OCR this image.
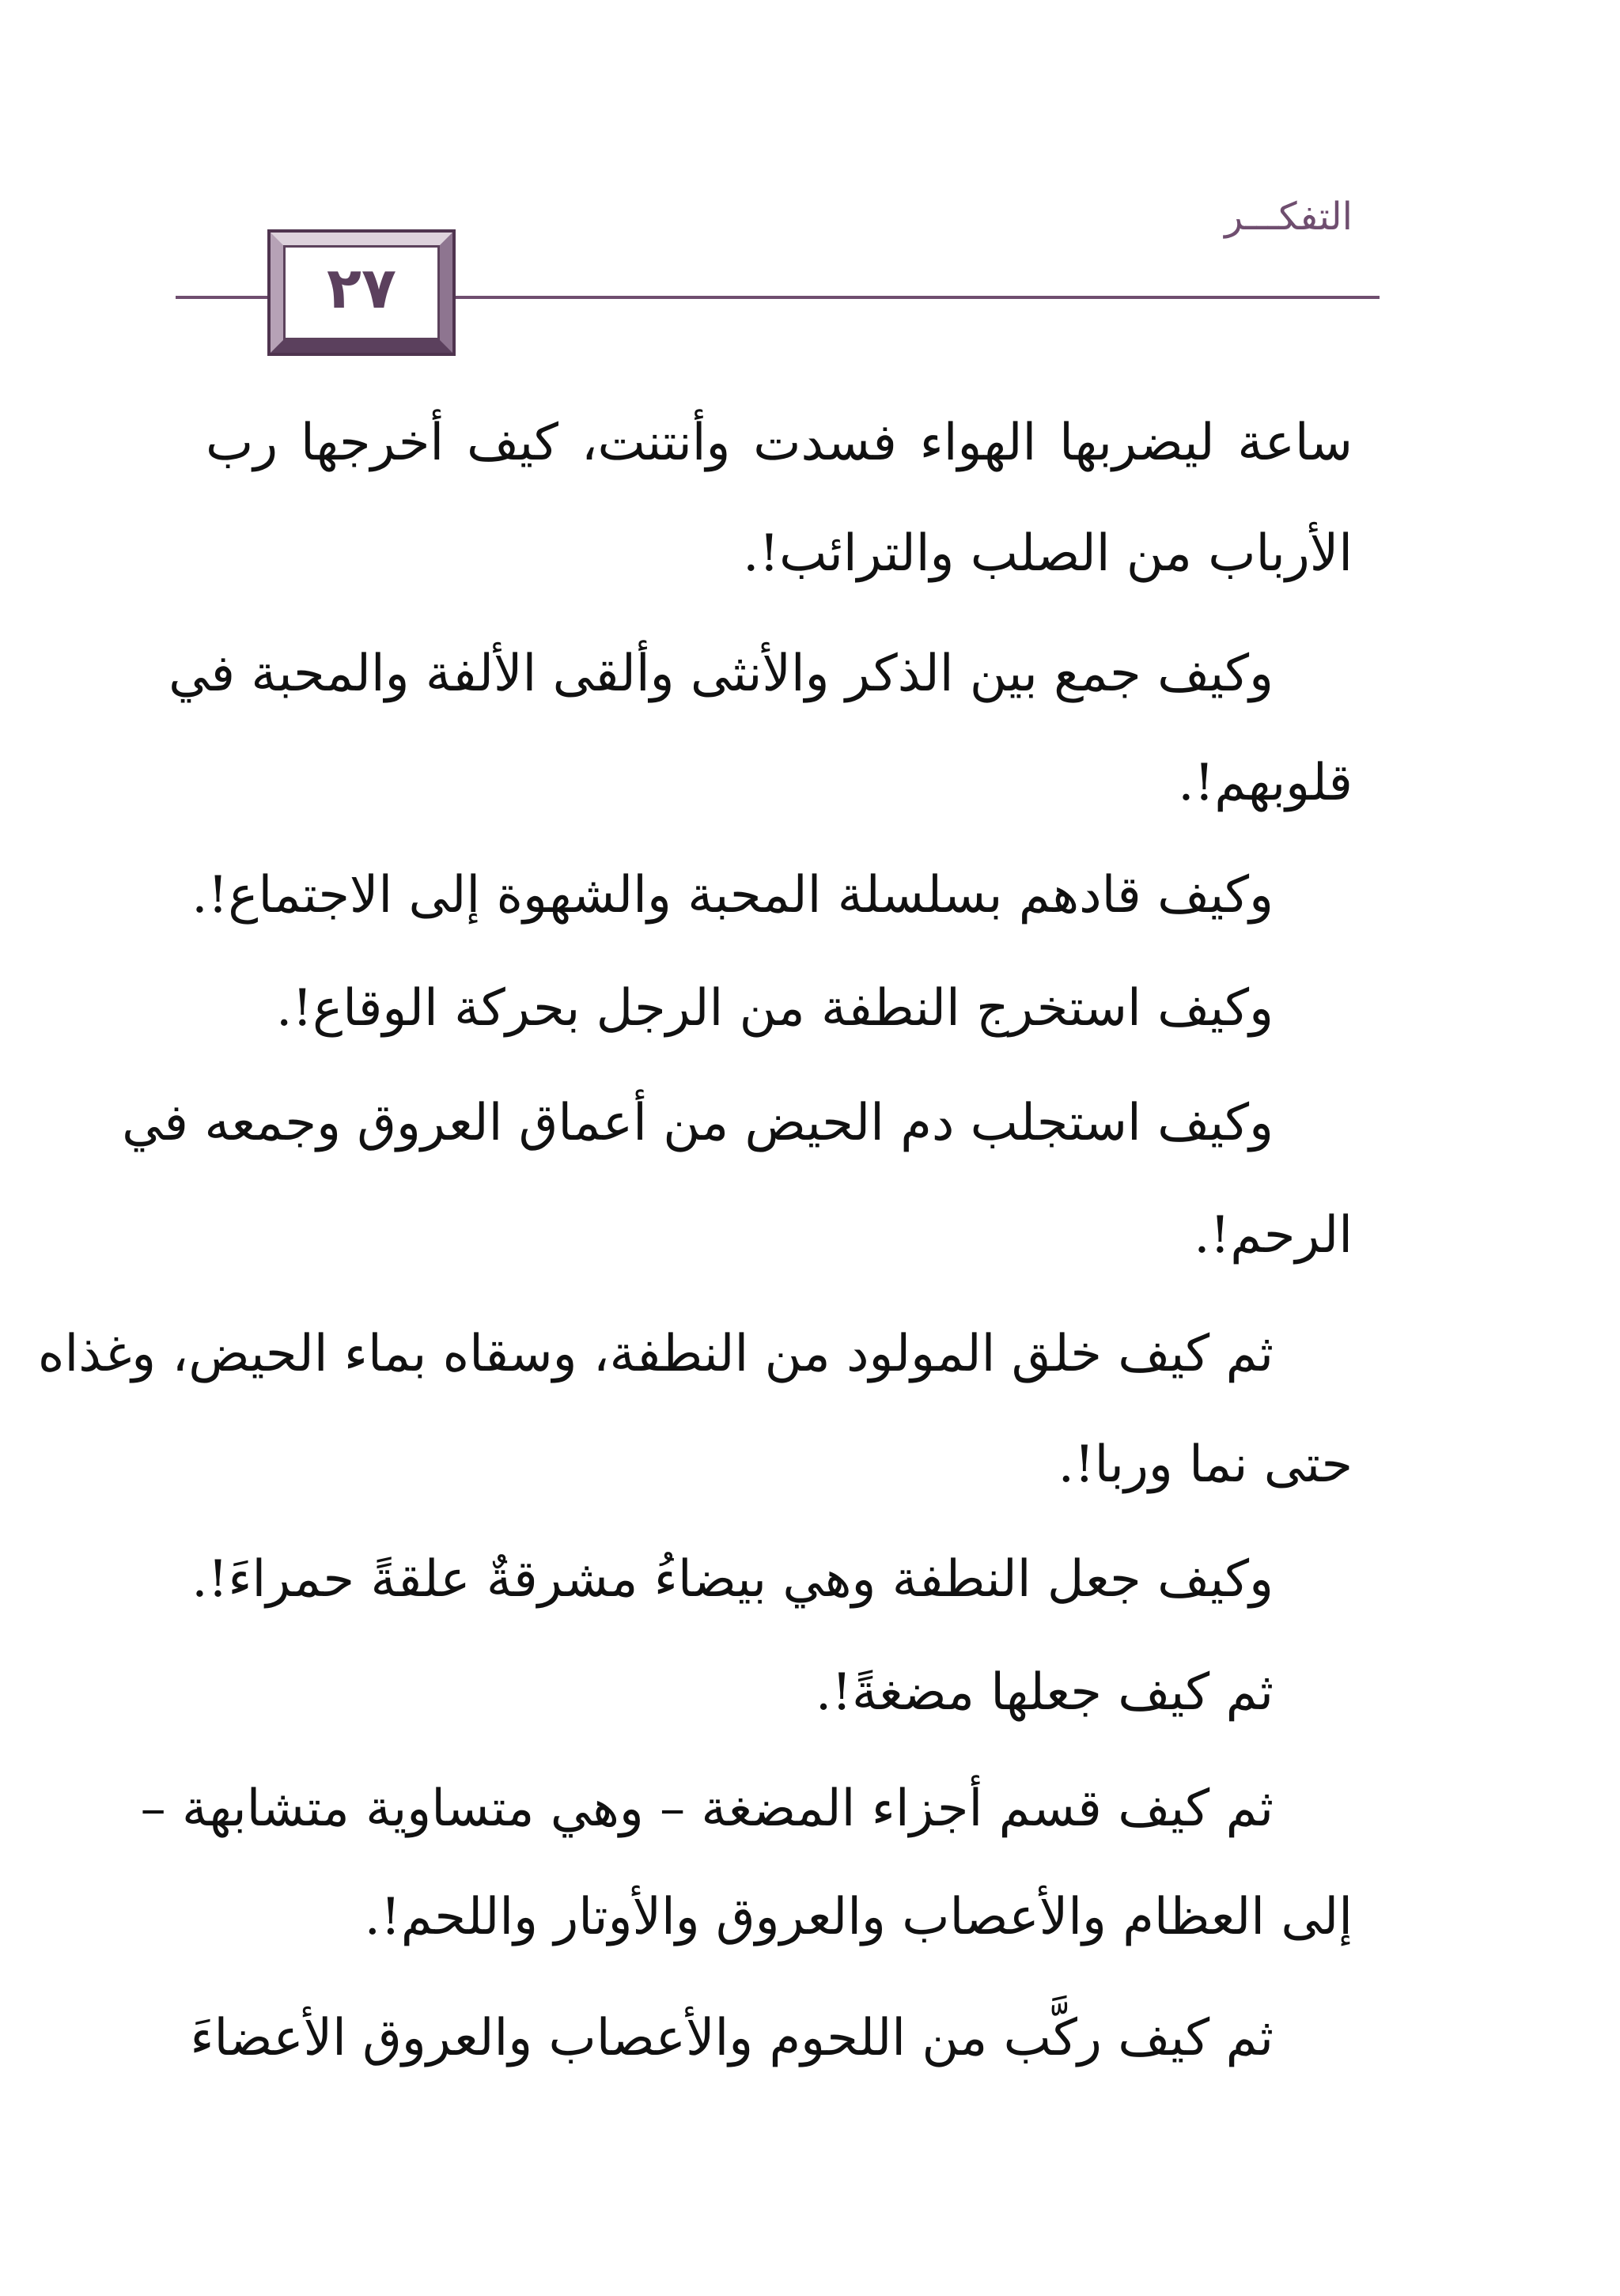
التفكـــر
٢٧
ساعة ليضربها الهواء فسدت وأنتنت، كيف أخرجها رب
الأرباب من الصلب والترائب!.
وكيف جمع بين الذكر والأنثى وألقى الألفة والمحبة في
قلوبهم!.
وكيف قادهم بسلسلة المحبة والشهوة إلى الاجتماع!.
وكيف استخرج النطفة من الرجل بحركة الوقاع!.
وكيف استجلب دم الحيض من أعماق العروق وجمعه في
الرحم!.
ثم كيف خلق المولود من النطفة، وسقاه بماء الحيض، وغذاه
حتى نما وربا!.
وكيف جعل النطفة وهي بيضاءُ مشرقةٌ علقةً حمراءَ!.
ثم كيف جعلها مضغةً!.
ثم كيف قسم أجزاء المضغة – وهي متساوية متشابهة –
إلى العظام والأعصاب والعروق والأوتار واللحم!.
ثم كيف ركَّب من اللحوم والأعصاب والعروق الأعضاءَ
